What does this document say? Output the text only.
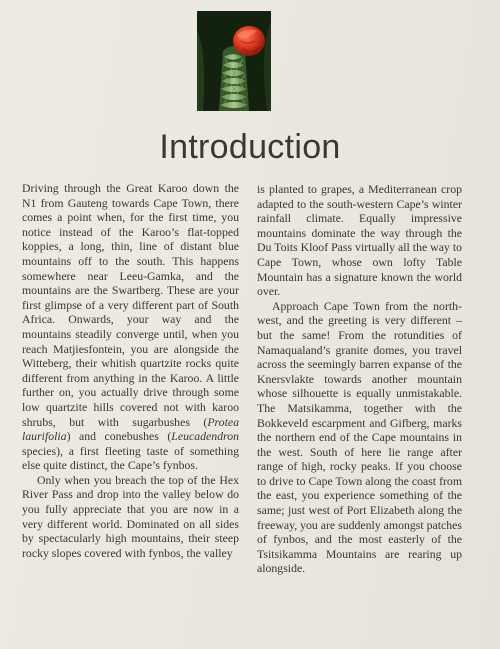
Introduction

Driving through the Great Karoo down the N1 from Gauteng towards Cape Town, there comes a point when, for the first time, you notice instead of the Karoo’s flat-topped koppies, a long, thin, line of distant blue mountains off to the south. This happens somewhere near Leeu-Gamka, and the mountains are the Swartberg. These are your first glimpse of a very different part of South Africa. Onwards, your way and the mountains steadily converge until, when you reach Matjiesfontein, you are alongside the Witteberg, their whitish quartzite rocks quite different from anything in the Karoo. A little further on, you actually drive through some low quartzite hills covered not with karoo shrubs, but with sugarbushes (Protea laurifolia) and conebushes (Leucadendron species), a first fleeting taste of something else quite distinct, the Cape’s fynbos.

Only when you breach the top of the Hex River Pass and drop into the valley below do you fully appreciate that you are now in a very different world. Dominated on all sides by spectacularly high mountains, their steep rocky slopes covered with fynbos, the valley

is planted to grapes, a Mediterranean crop adapted to the south-western Cape’s winter rainfall climate. Equally impressive mountains dominate the way through the Du Toits Kloof Pass virtually all the way to Cape Town, whose own lofty Table Mountain has a signature known the world over.

Approach Cape Town from the north-west, and the greeting is very different – but the same! From the rotundities of Namaqualand’s granite domes, you travel across the seemingly barren expanse of the Knersvlakte towards another mountain whose silhouette is equally unmistakable. The Matsikamma, together with the Bokkeveld escarpment and Gifberg, marks the northern end of the Cape mountains in the west. South of here lie range after range of high, rocky peaks. If you choose to drive to Cape Town along the coast from the east, you experience something of the same; just west of Port Elizabeth along the freeway, you are suddenly amongst patches of fynbos, and the most easterly of the Tsitsikamma Mountains are rearing up alongside.
